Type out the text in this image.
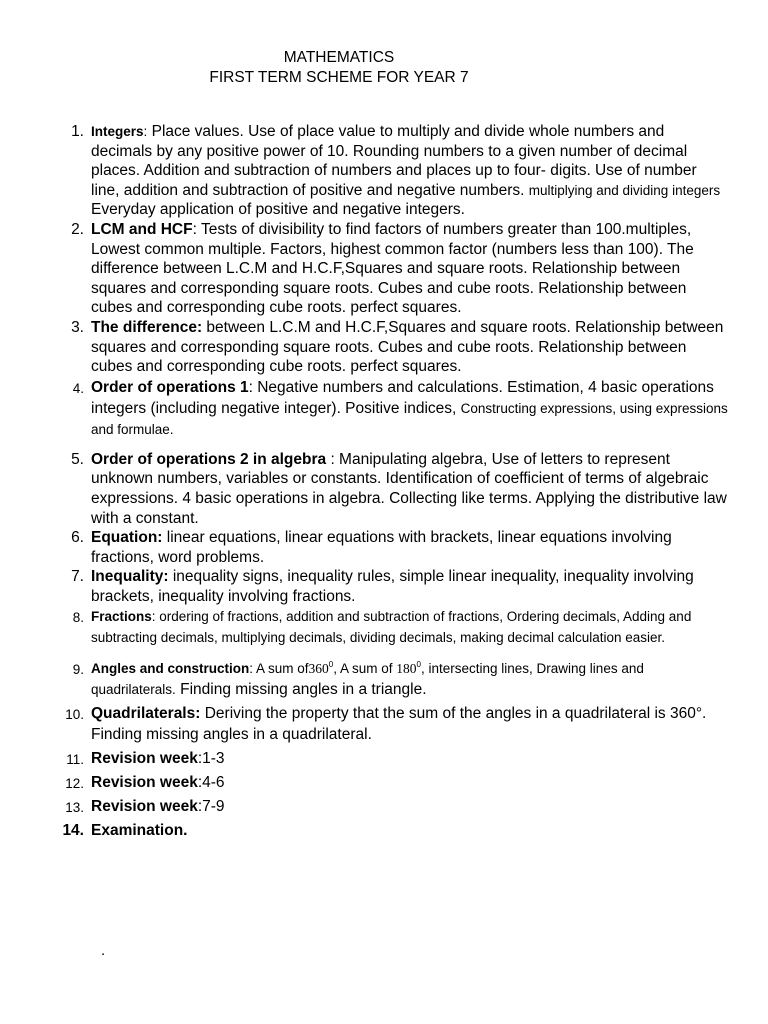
MATHEMATICS
FIRST TERM SCHEME FOR YEAR 7
1. Integers: Place values. Use of place value to multiply and divide whole numbers and decimals by any positive power of 10. Rounding numbers to a given number of decimal places. Addition and subtraction of numbers and places up to four- digits. Use of number line, addition and subtraction of positive and negative numbers. multiplying and dividing integers Everyday application of positive and negative integers.
2. LCM and HCF: Tests of divisibility to find factors of numbers greater than 100.multiples, Lowest common multiple. Factors, highest common factor (numbers less than 100). The difference between L.C.M and H.C.F,Squares and square roots. Relationship between squares and corresponding square roots. Cubes and cube roots. Relationship between cubes and corresponding cube roots. perfect squares.
3. The difference: between L.C.M and H.C.F,Squares and square roots. Relationship between squares and corresponding square roots. Cubes and cube roots. Relationship between cubes and corresponding cube roots. perfect squares.
4. Order of operations 1: Negative numbers and calculations. Estimation, 4 basic operations integers (including negative integer). Positive indices, Constructing expressions, using expressions and formulae.
5. Order of operations 2 in algebra : Manipulating algebra, Use of letters to represent unknown numbers, variables or constants. Identification of coefficient of terms of algebraic expressions. 4 basic operations in algebra. Collecting like terms. Applying the distributive law with a constant.
6. Equation: linear equations, linear equations with brackets, linear equations involving fractions, word problems.
7. Inequality: inequality signs, inequality rules, simple linear inequality, inequality involving brackets, inequality involving fractions.
8. Fractions: ordering of fractions, addition and subtraction of fractions, Ordering decimals, Adding and subtracting decimals, multiplying decimals, dividing decimals, making decimal calculation easier.
9. Angles and construction: A sum $of360^0$, A sum of $180^0$, intersecting lines, Drawing lines and quadrilaterals. Finding missing angles in a triangle.
10. Quadrilaterals: Deriving the property that the sum of the angles in a quadrilateral is 360°. Finding missing angles in a quadrilateral.
11. Revision week:1-3
12. Revision week:4-6
13. Revision week:7-9
14. Examination.
.
